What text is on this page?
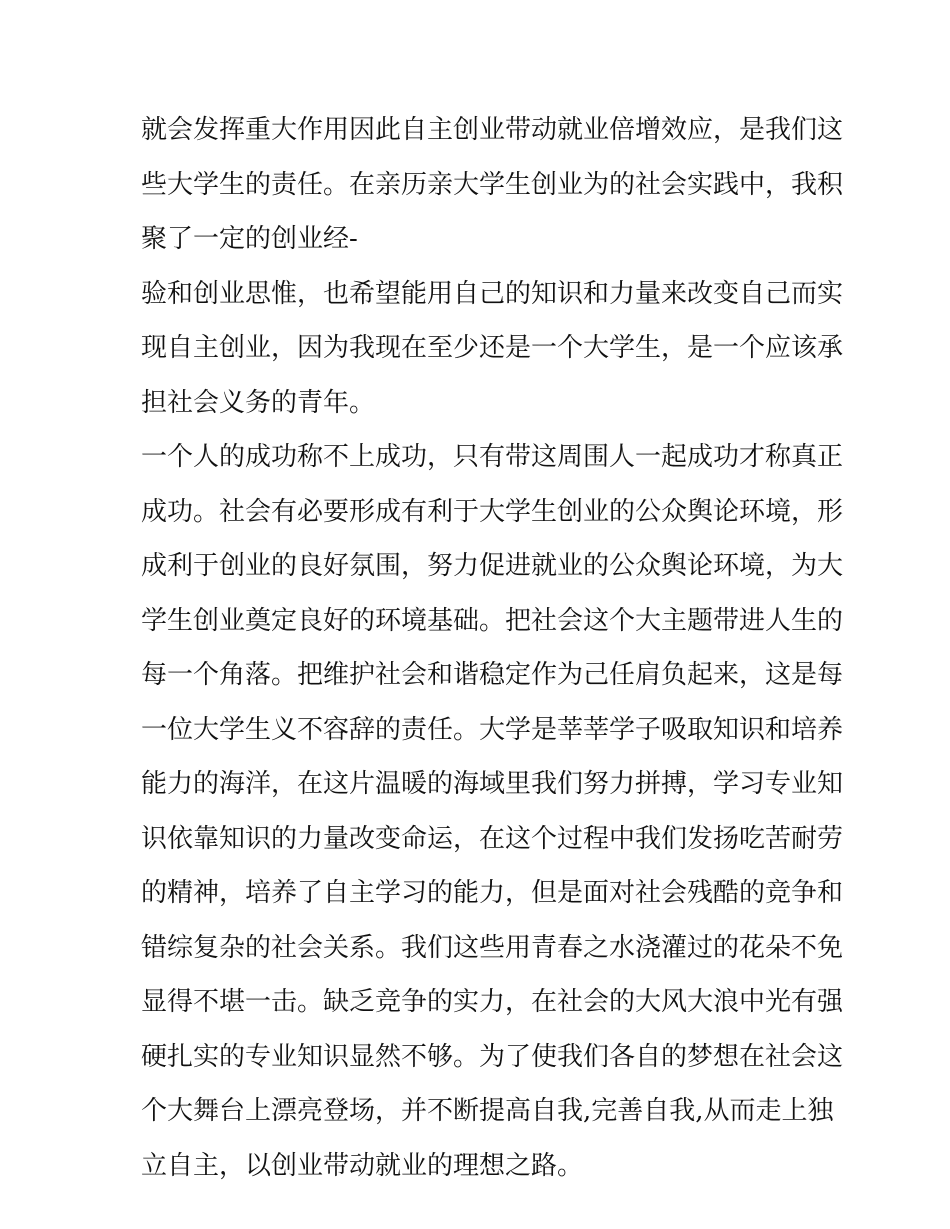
就会发挥重大作用因此自主创业带动就业倍增效应，是我们这
些大学生的责任。在亲历亲大学生创业为的社会实践中，我积
聚了一定的创业经-
验和创业思惟，也希望能用自己的知识和力量来改变自己而实
现自主创业，因为我现在至少还是一个大学生，是一个应该承
担社会义务的青年。
一个人的成功称不上成功，只有带这周围人一起成功才称真正
成功。社会有必要形成有利于大学生创业的公众舆论环境，形
成利于创业的良好氛围，努力促进就业的公众舆论环境，为大
学生创业奠定良好的环境基础。把社会这个大主题带进人生的
每一个角落。把维护社会和谐稳定作为己任肩负起来，这是每
一位大学生义不容辞的责任。大学是莘莘学子吸取知识和培养
能力的海洋，在这片温暖的海域里我们努力拼搏，学习专业知
识依靠知识的力量改变命运，在这个过程中我们发扬吃苦耐劳
的精神，培养了自主学习的能力，但是面对社会残酷的竞争和
错综复杂的社会关系。我们这些用青春之水浇灌过的花朵不免
显得不堪一击。缺乏竞争的实力，在社会的大风大浪中光有强
硬扎实的专业知识显然不够。为了使我们各自的梦想在社会这
个大舞台上漂亮登场，并不断提高自我,完善自我,从而走上独
立自主，以创业带动就业的理想之路。
